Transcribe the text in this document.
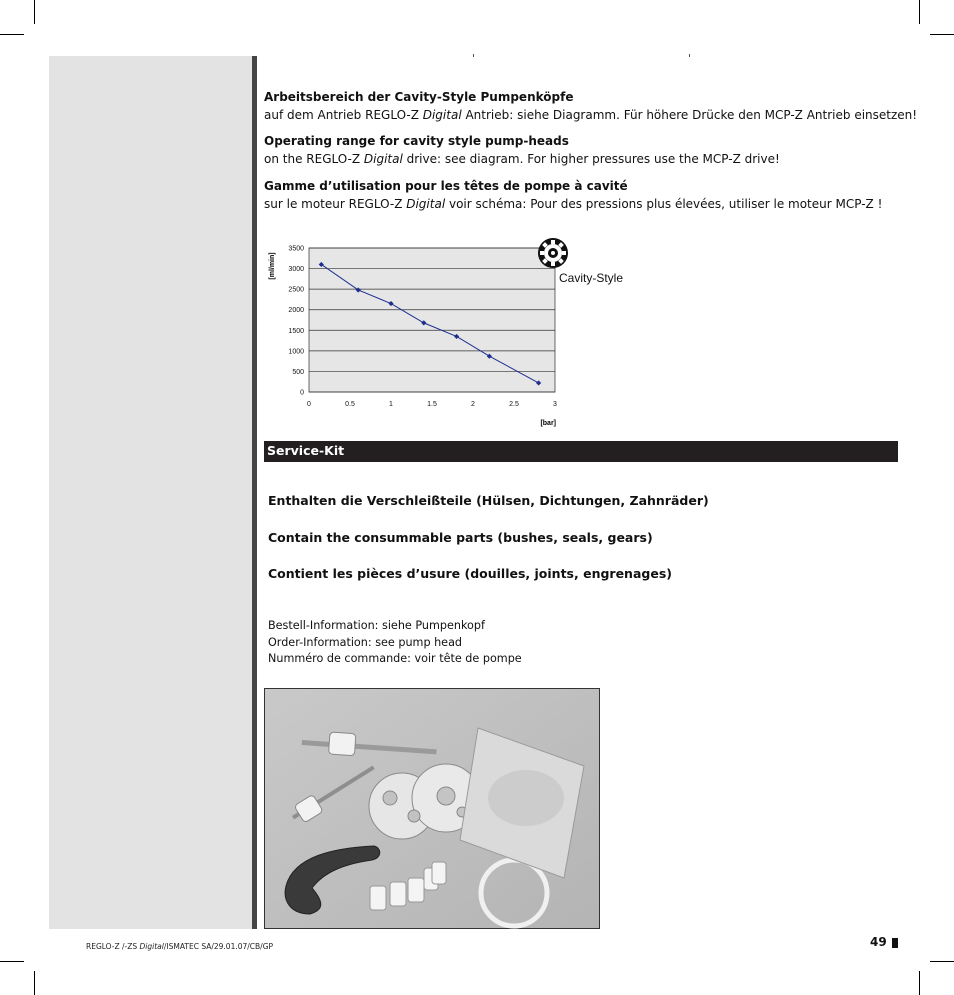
Arbeitsbereich der Cavity-Style Pumpenköpfe
auf dem Antrieb REGLO-Z Digital Antrieb: siehe Diagramm. Für höhere Drücke den MCP-Z Antrieb einsetzen!
Operating range for cavity style pump-heads
on the REGLO-Z Digital drive: see diagram. For higher pressures use the MCP-Z drive!
Gamme d’utilisation pour les têtes de pompe à cavité
sur le moteur REGLO-Z Digital voir schéma: Pour des pressions plus élevées, utiliser le moteur MCP-Z !
0
500
1000
1500
2000
2500
3000
3500
0	0.5	1	1.5	2	2.5	3
[ml/min]
[bar]
Cavity-Style
Service-Kit
Enthalten die Verschleißteile (Hülsen, Dichtungen, Zahnräder)
Contain the consummable parts (bushes, seals, gears)
Contient les pièces d’usure (douilles, joints, engrenages)
Bestell-Information: siehe Pumpenkopf
Order-Information: see pump head
Numméro de commande: voir tête de pompe
REGLO-Z /-ZS Digital/ISMATEC SA/29.01.07/CB/GP	49
